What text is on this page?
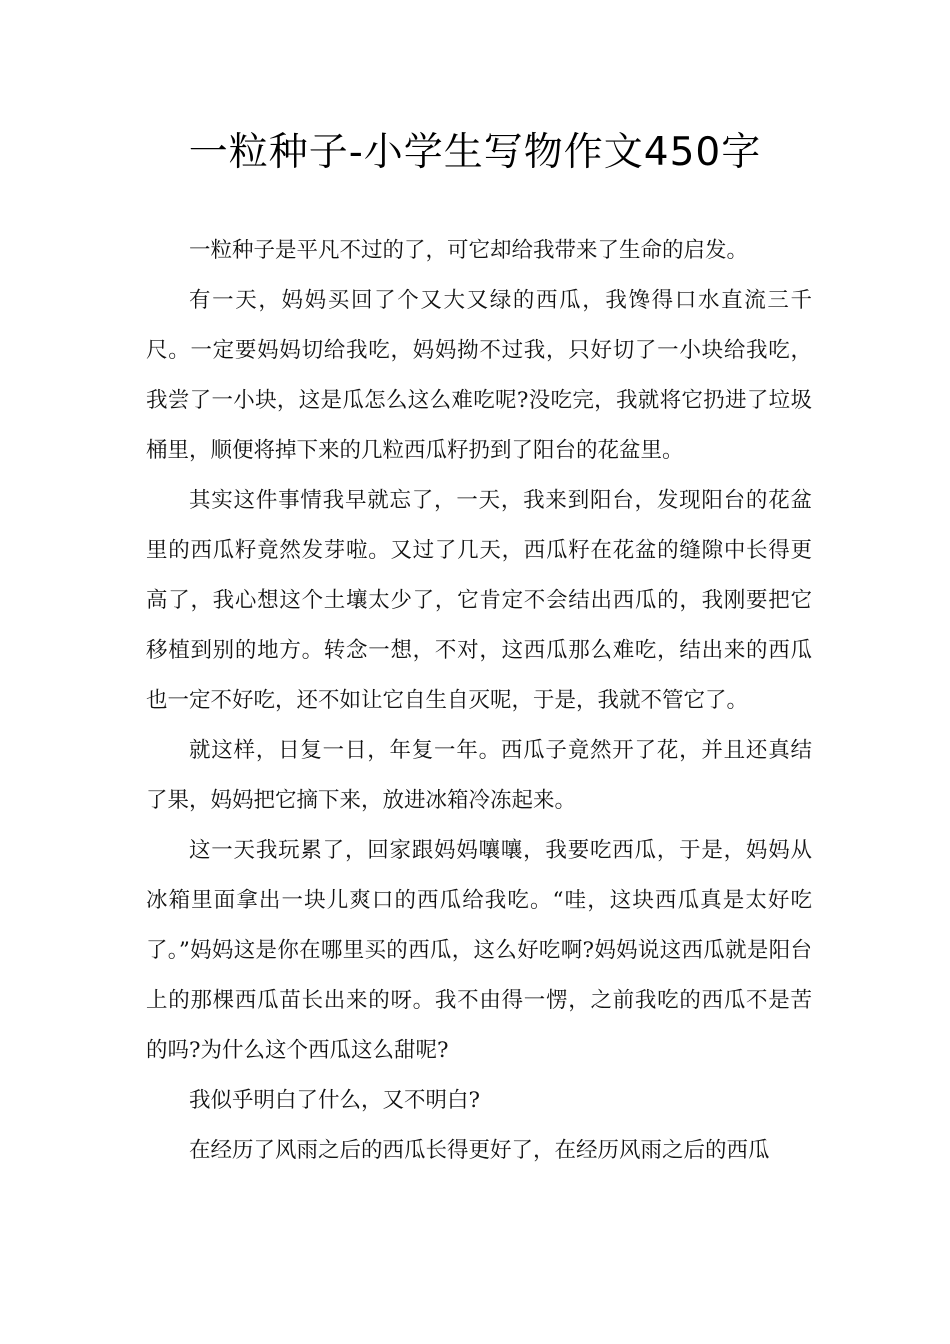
一粒种子-小学生写物作文450字

一粒种子是平凡不过的了，可它却给我带来了生命的启发。

有一天，妈妈买回了个又大又绿的西瓜，我馋得口水直流三千尺。一定要妈妈切给我吃，妈妈拗不过我，只好切了一小块给我吃，我尝了一小块，这是瓜怎么这么难吃呢?没吃完，我就将它扔进了垃圾桶里，顺便将掉下来的几粒西瓜籽扔到了阳台的花盆里。

其实这件事情我早就忘了，一天，我来到阳台，发现阳台的花盆里的西瓜籽竟然发芽啦。又过了几天，西瓜籽在花盆的缝隙中长得更高了，我心想这个土壤太少了，它肯定不会结出西瓜的，我刚要把它移植到别的地方。转念一想，不对，这西瓜那么难吃，结出来的西瓜也一定不好吃，还不如让它自生自灭呢，于是，我就不管它了。

就这样，日复一日，年复一年。西瓜子竟然开了花，并且还真结了果，妈妈把它摘下来，放进冰箱冷冻起来。

这一天我玩累了，回家跟妈妈嚷嚷，我要吃西瓜，于是，妈妈从冰箱里面拿出一块儿爽口的西瓜给我吃。“哇，这块西瓜真是太好吃了。”妈妈这是你在哪里买的西瓜，这么好吃啊?妈妈说这西瓜就是阳台上的那棵西瓜苗长出来的呀。我不由得一愣，之前我吃的西瓜不是苦的吗?为什么这个西瓜这么甜呢?

我似乎明白了什么，又不明白?

在经历了风雨之后的西瓜长得更好了，在经历风雨之后的西瓜
